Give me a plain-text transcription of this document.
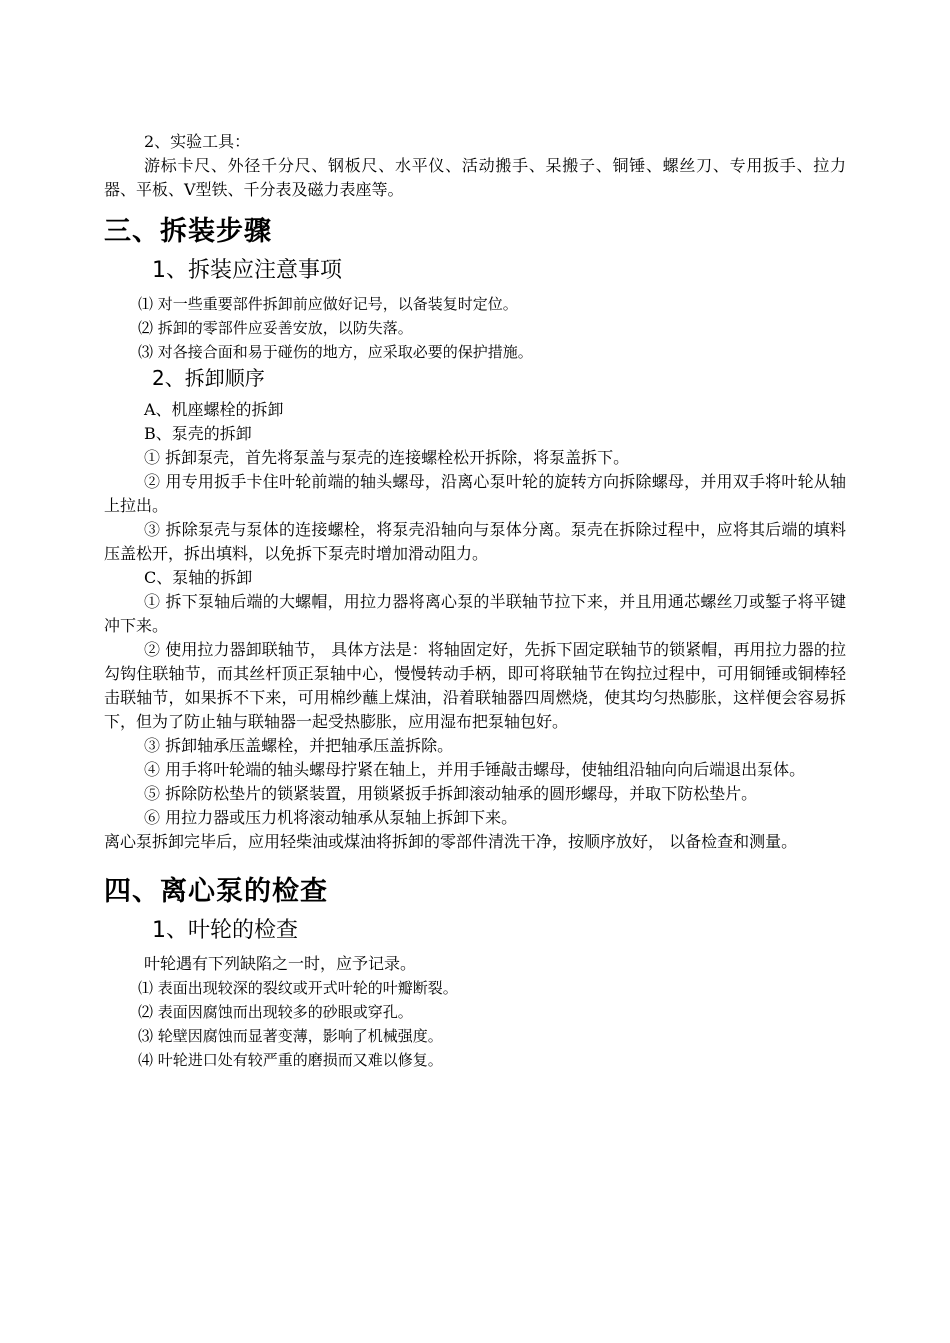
2、实验工具：

游标卡尺、外径千分尺、钢板尺、水平仪、活动搬手、呆搬子、铜锤、螺丝刀、专用扳手、拉力器、平板、V型铁、千分表及磁力表座等。

三、拆装步骤
1、拆装应注意事项

⑴ 对一些重要部件拆卸前应做好记号，以备装复时定位。

⑵ 拆卸的零部件应妥善安放，以防失落。

⑶ 对各接合面和易于碰伤的地方，应采取必要的保护措施。

2、拆卸顺序

A、机座螺栓的拆卸

B、泵壳的拆卸

① 拆卸泵壳，首先将泵盖与泵壳的连接螺栓松开拆除，将泵盖拆下。

② 用专用扳手卡住叶轮前端的轴头螺母，沿离心泵叶轮的旋转方向拆除螺母，并用双手将叶轮从轴上拉出。

③ 拆除泵壳与泵体的连接螺栓，将泵壳沿轴向与泵体分离。泵壳在拆除过程中，应将其后端的填料压盖松开，拆出填料，以免拆下泵壳时增加滑动阻力。

C、泵轴的拆卸

① 拆下泵轴后端的大螺帽，用拉力器将离心泵的半联轴节拉下来，并且用通芯螺丝刀或錾子将平键冲下来。

② 使用拉力器卸联轴节， 具体方法是：将轴固定好，先拆下固定联轴节的锁紧帽，再用拉力器的拉勾钩住联轴节，而其丝杆顶正泵轴中心，慢慢转动手柄，即可将联轴节在钩拉过程中，可用铜锤或铜棒轻击联轴节，如果拆不下来，可用棉纱蘸上煤油，沿着联轴器四周燃烧，使其均匀热膨胀，这样便会容易拆下，但为了防止轴与联轴器一起受热膨胀，应用湿布把泵轴包好。

③ 拆卸轴承压盖螺栓，并把轴承压盖拆除。

④ 用手将叶轮端的轴头螺母拧紧在轴上，并用手锤敲击螺母，使轴组沿轴向向后端退出泵体。

⑤ 拆除防松垫片的锁紧装置，用锁紧扳手拆卸滚动轴承的圆形螺母，并取下防松垫片。

⑥ 用拉力器或压力机将滚动轴承从泵轴上拆卸下来。

离心泵拆卸完毕后，应用轻柴油或煤油将拆卸的零部件清洗干净，按顺序放好， 以备检查和测量。

四、离心泵的检查
1、叶轮的检查

叶轮遇有下列缺陷之一时，应予记录。

⑴ 表面出现较深的裂纹或开式叶轮的叶瓣断裂。

⑵ 表面因腐蚀而出现较多的砂眼或穿孔。

⑶ 轮壁因腐蚀而显著变薄，影响了机械强度。

⑷ 叶轮进口处有较严重的磨损而又难以修复。
